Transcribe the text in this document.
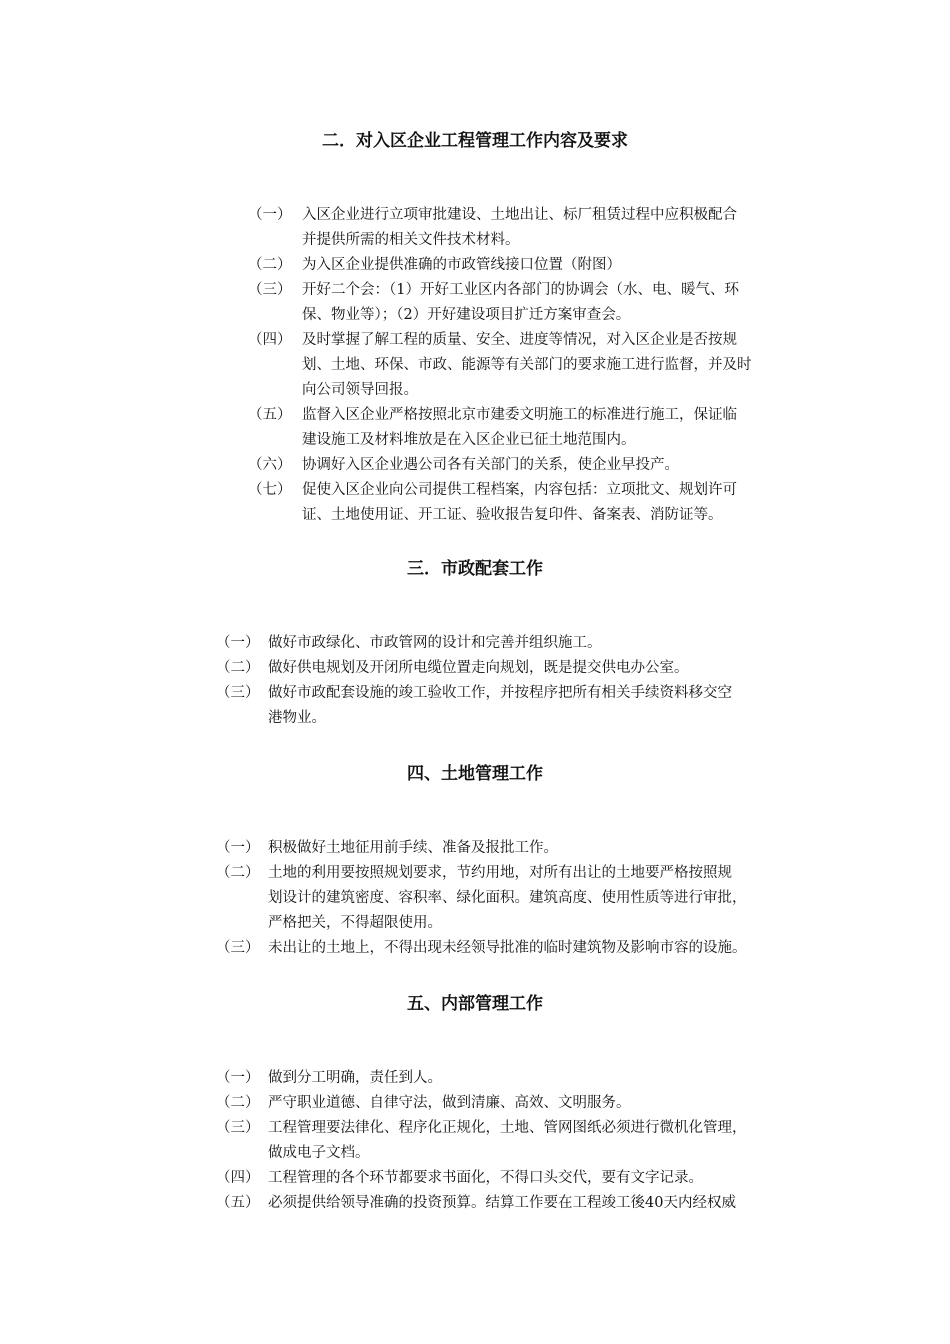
二．对入区企业工程管理工作内容及要求
（一） 入区企业进行立项审批建设、土地出让、标厂租赁过程中应积极配合
并提供所需的相关文件技术材料。
（二） 为入区企业提供准确的市政管线接口位置（附图）
（三） 开好二个会：（1）开好工业区内各部门的协调会（水、电、暖气、环
保、物业等）；（2）开好建设项目扩迁方案审查会。
（四） 及时掌握了解工程的质量、安全、进度等情况，对入区企业是否按规
划、土地、环保、市政、能源等有关部门的要求施工进行监督，并及时
向公司领导回报。
（五） 监督入区企业严格按照北京市建委文明施工的标准进行施工，保证临
建设施工及材料堆放是在入区企业已征土地范围内。
（六） 协调好入区企业遇公司各有关部门的关系，使企业早投产。
（七） 促使入区企业向公司提供工程档案，内容包括：立项批文、规划许可
证、土地使用证、开工证、验收报告复印件、备案表、消防证等。
三．市政配套工作
（一） 做好市政绿化、市政管网的设计和完善并组织施工。
（二） 做好供电规划及开闭所电缆位置走向规划，既是提交供电办公室。
（三） 做好市政配套设施的竣工验收工作，并按程序把所有相关手续资料移交空
港物业。
四、土地管理工作
（一） 积极做好土地征用前手续、准备及报批工作。
（二） 土地的利用要按照规划要求，节约用地，对所有出让的土地要严格按照规
划设计的建筑密度、容积率、绿化面积。建筑高度、使用性质等进行审批，
严格把关，不得超限使用。
（三） 未出让的土地上，不得出现未经领导批准的临时建筑物及影响市容的设施。
五、内部管理工作
（一） 做到分工明确，责任到人。
（二） 严守职业道德、自律守法，做到清廉、高效、文明服务。
（三） 工程管理要法律化、程序化正规化，土地、管网图纸必须进行微机化管理，
做成电子文档。
（四） 工程管理的各个环节都要求书面化，不得口头交代，要有文字记录。
（五） 必须提供给领导准确的投资预算。结算工作要在工程竣工後40天内经权威
